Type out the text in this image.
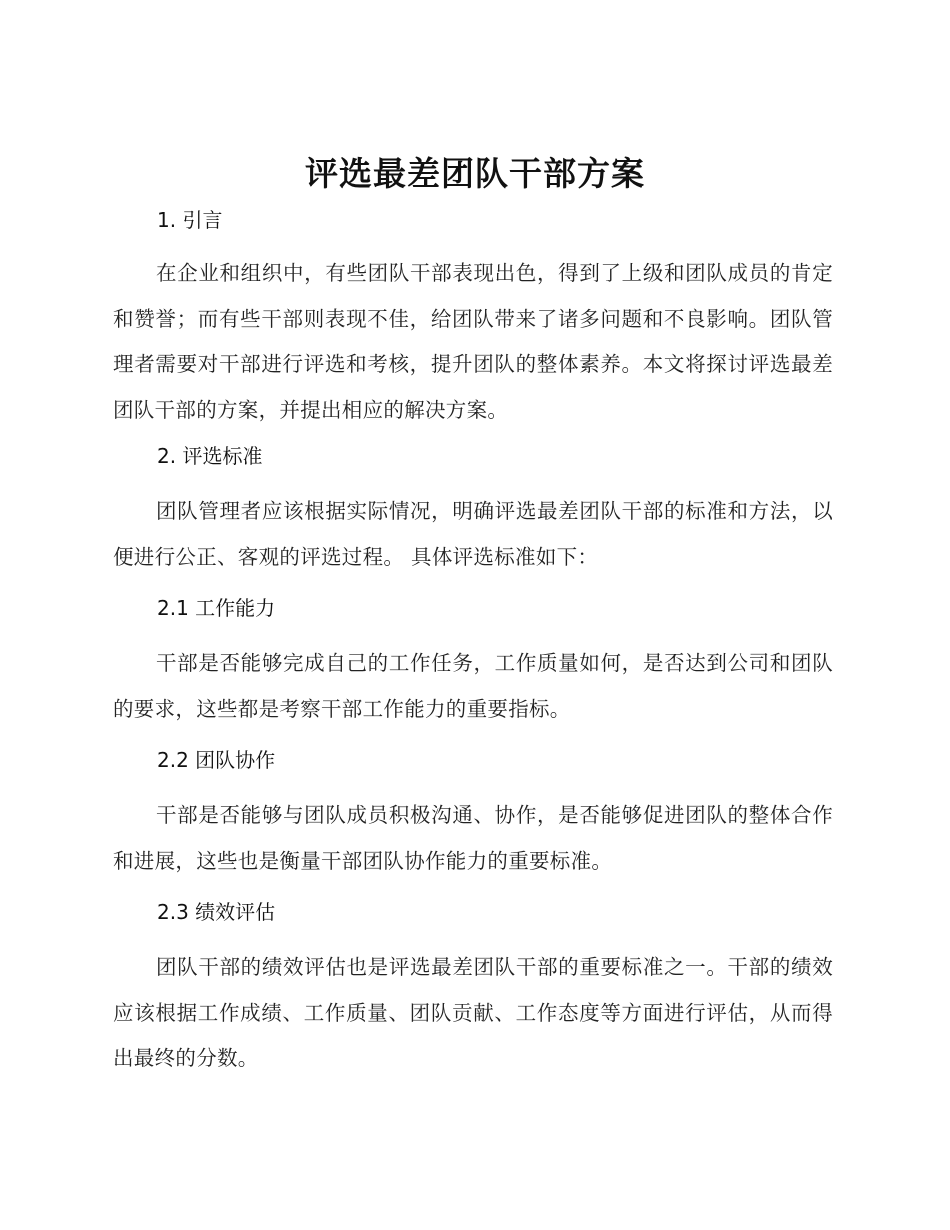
评选最差团队干部方案
1. 引言
在企业和组织中，有些团队干部表现出色，得到了上级和团队成员的肯定和赞誉；而有些干部则表现不佳，给团队带来了诸多问题和不良影响。团队管理者需要对干部进行评选和考核，提升团队的整体素养。本文将探讨评选最差团队干部的方案，并提出相应的解决方案。
2. 评选标准
团队管理者应该根据实际情况，明确评选最差团队干部的标准和方法，以便进行公正、客观的评选过程。 具体评选标准如下：
2.1 工作能力
干部是否能够完成自己的工作任务，工作质量如何，是否达到公司和团队的要求，这些都是考察干部工作能力的重要指标。
2.2 团队协作
干部是否能够与团队成员积极沟通、协作，是否能够促进团队的整体合作和进展，这些也是衡量干部团队协作能力的重要标准。
2.3 绩效评估
团队干部的绩效评估也是评选最差团队干部的重要标准之一。干部的绩效应该根据工作成绩、工作质量、团队贡献、工作态度等方面进行评估，从而得出最终的分数。
